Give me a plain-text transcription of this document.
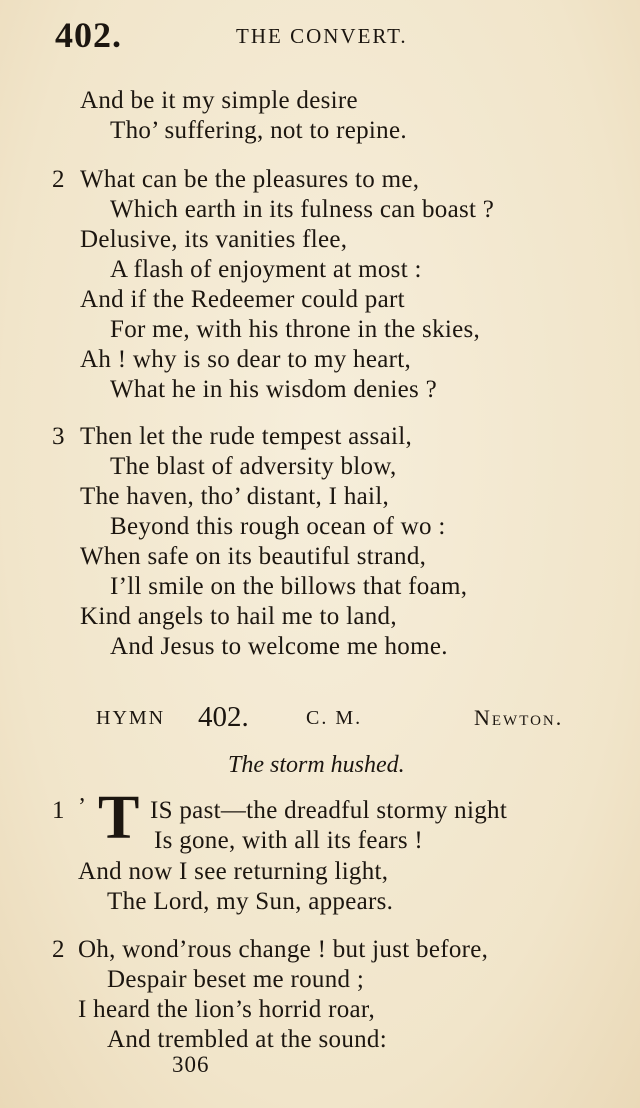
402.	THE CONVERT.
And be it my simple desire
Tho’ suffering, not to repine.
2 What can be the pleasures to me,
Which earth in its fulness can boast ?
Delusive, its vanities flee,
A flash of enjoyment at most :
And if the Redeemer could part
For me, with his throne in the skies,
Ah ! why is so dear to my heart,
What he in his wisdom denies ?
3 Then let the rude tempest assail,
The blast of adversity blow,
The haven, tho’ distant, I hail,
Beyond this rough ocean of wo :
When safe on its beautiful strand,
I’ll smile on the billows that foam,
Kind angels to hail me to land,
And Jesus to welcome me home.
HYMN 402.	C. M.	Newton.
The storm hushed.
1 ’ T IS past—the dreadful stormy night
Is gone, with all its fears !
And now I see returning light,
The Lord, my Sun, appears.
2 Oh, wond’rous change ! but just before,
Despair beset me round ;
I heard the lion’s horrid roar,
And trembled at the sound:
306
